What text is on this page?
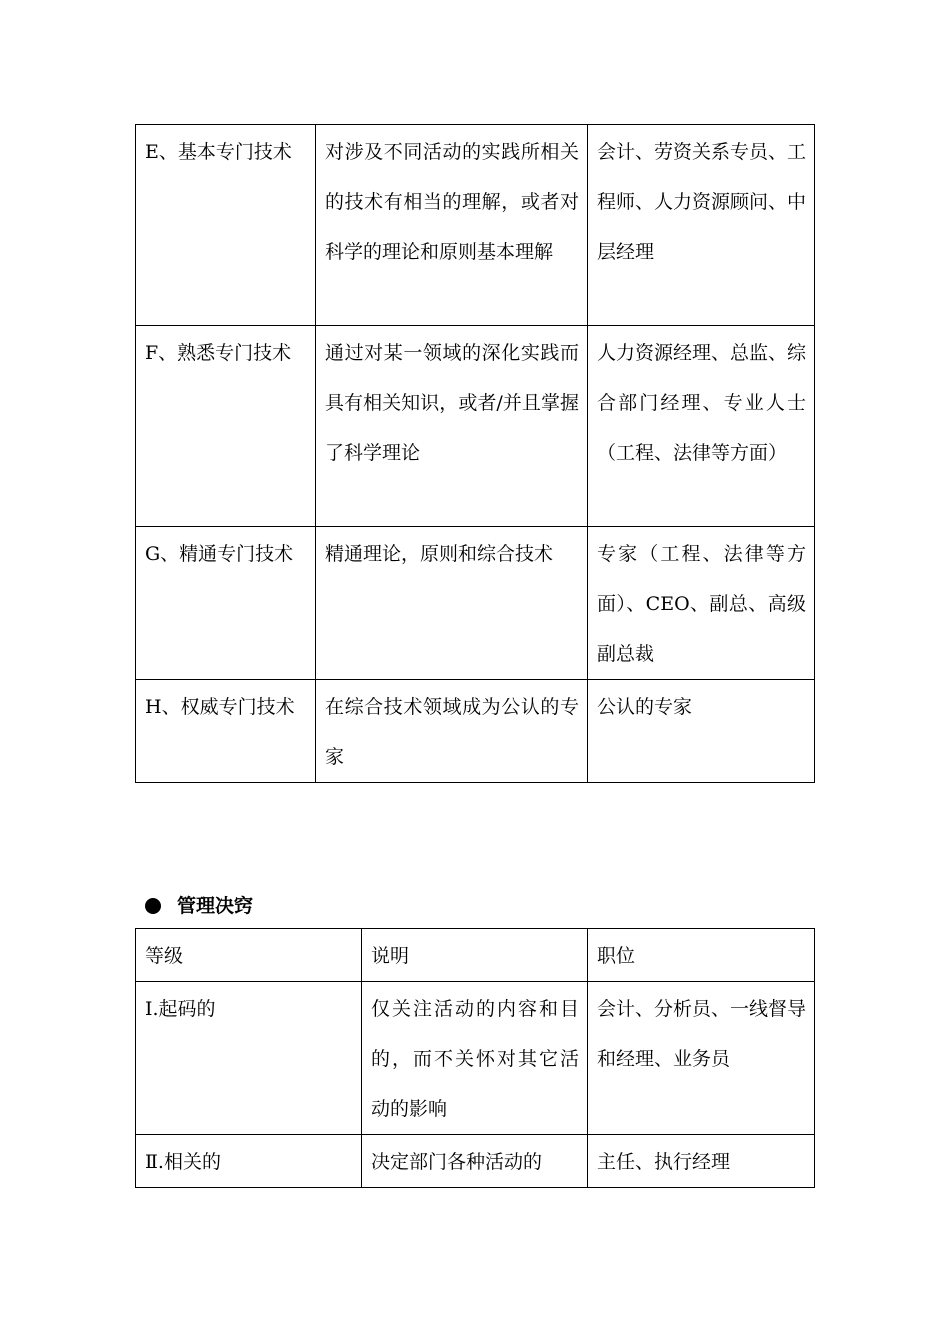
E、基本专门技术	对涉及不同活动的实践所相关的技术有相当的理解，或者对科学的理论和原则基本理解	会计、劳资关系专员、工程师、人力资源顾问、中层经理
F、熟悉专门技术	通过对某一领域的深化实践而具有相关知识，或者/并且掌握了科学理论	人力资源经理、总监、综合部门经理、专业人士（工程、法律等方面）
G、精通专门技术	精通理论，原则和综合技术	专家（工程、法律等方面）、CEO、副总、高级副总裁
H、权威专门技术	在综合技术领域成为公认的专家	公认的专家
管理决窍
等级	说明	职位
Ⅰ.起码的	仅关注活动的内容和目的，而不关怀对其它活动的影响	会计、分析员、一线督导和经理、业务员
Ⅱ.相关的	决定部门各种活动的	主任、执行经理
